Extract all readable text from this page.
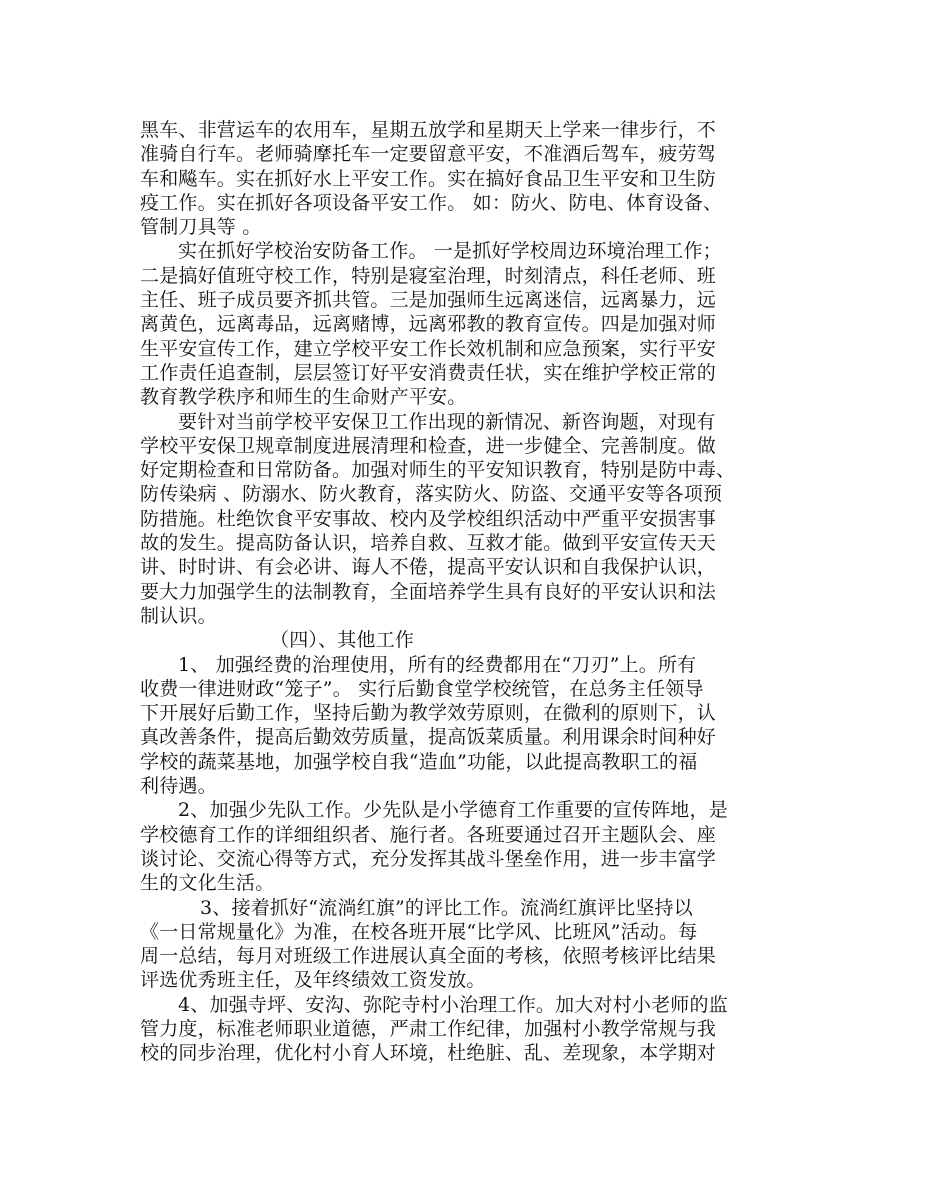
黑车、非营运车的农用车，星期五放学和星期天上学来一律步行，不
准骑自行车。老师骑摩托车一定要留意平安，不准酒后驾车，疲劳驾
车和飚车。实在抓好水上平安工作。实在搞好食品卫生平安和卫生防
疫工作。实在抓好各项设备平安工作。 如：防火、防电、体育设备、
管制刀具等 。
实在抓好学校治安防备工作。 一是抓好学校周边环境治理工作；
二是搞好值班守校工作，特别是寝室治理，时刻清点，科任老师、班
主任、班子成员要齐抓共管。三是加强师生远离迷信，远离暴力，远
离黄色，远离毒品，远离赌博，远离邪教的教育宣传。四是加强对师
生平安宣传工作，建立学校平安工作长效机制和应急预案，实行平安
工作责任追查制，层层签订好平安消费责任状，实在维护学校正常的
教育教学秩序和师生的生命财产平安。
要针对当前学校平安保卫工作出现的新情况、新咨询题，对现有
学校平安保卫规章制度进展清理和检查，进一步健全、完善制度。做
好定期检查和日常防备。加强对师生的平安知识教育，特别是防中毒、
防传染病 、防溺水、防火教育，落实防火、防盗、交通平安等各项预
防措施。杜绝饮食平安事故、校内及学校组织活动中严重平安损害事
故的发生。提高防备认识，培养自救、互救才能。做到平安宣传天天
讲、时时讲、有会必讲、诲人不倦，提高平安认识和自我保护认识，
要大力加强学生的法制教育，全面培养学生具有良好的平安认识和法
制认识。
（四）、其他工作
1、 加强经费的治理使用，所有的经费都用在“刀刃”上。所有
收费一律进财政“笼子”。 实行后勤食堂学校统管，在总务主任领导
下开展好后勤工作，坚持后勤为教学效劳原则，在微利的原则下，认
真改善条件，提高后勤效劳质量，提高饭菜质量。利用课余时间种好
学校的蔬菜基地，加强学校自我“造血”功能，以此提高教职工的福
利待遇。
2、加强少先队工作。少先队是小学德育工作重要的宣传阵地，是
学校德育工作的详细组织者、施行者。各班要通过召开主题队会、座
谈讨论、交流心得等方式，充分发挥其战斗堡垒作用，进一步丰富学
生的文化生活。
3、接着抓好“流淌红旗”的评比工作。流淌红旗评比坚持以
《一日常规量化》为准，在校各班开展“比学风、比班风”活动。每
周一总结，每月对班级工作进展认真全面的考核，依照考核评比结果
评选优秀班主任，及年终绩效工资发放。
4、加强寺坪、安沟、弥陀寺村小治理工作。加大对村小老师的监
管力度，标准老师职业道德，严肃工作纪律，加强村小教学常规与我
校的同步治理，优化村小育人环境，杜绝脏、乱、差现象，本学期对
